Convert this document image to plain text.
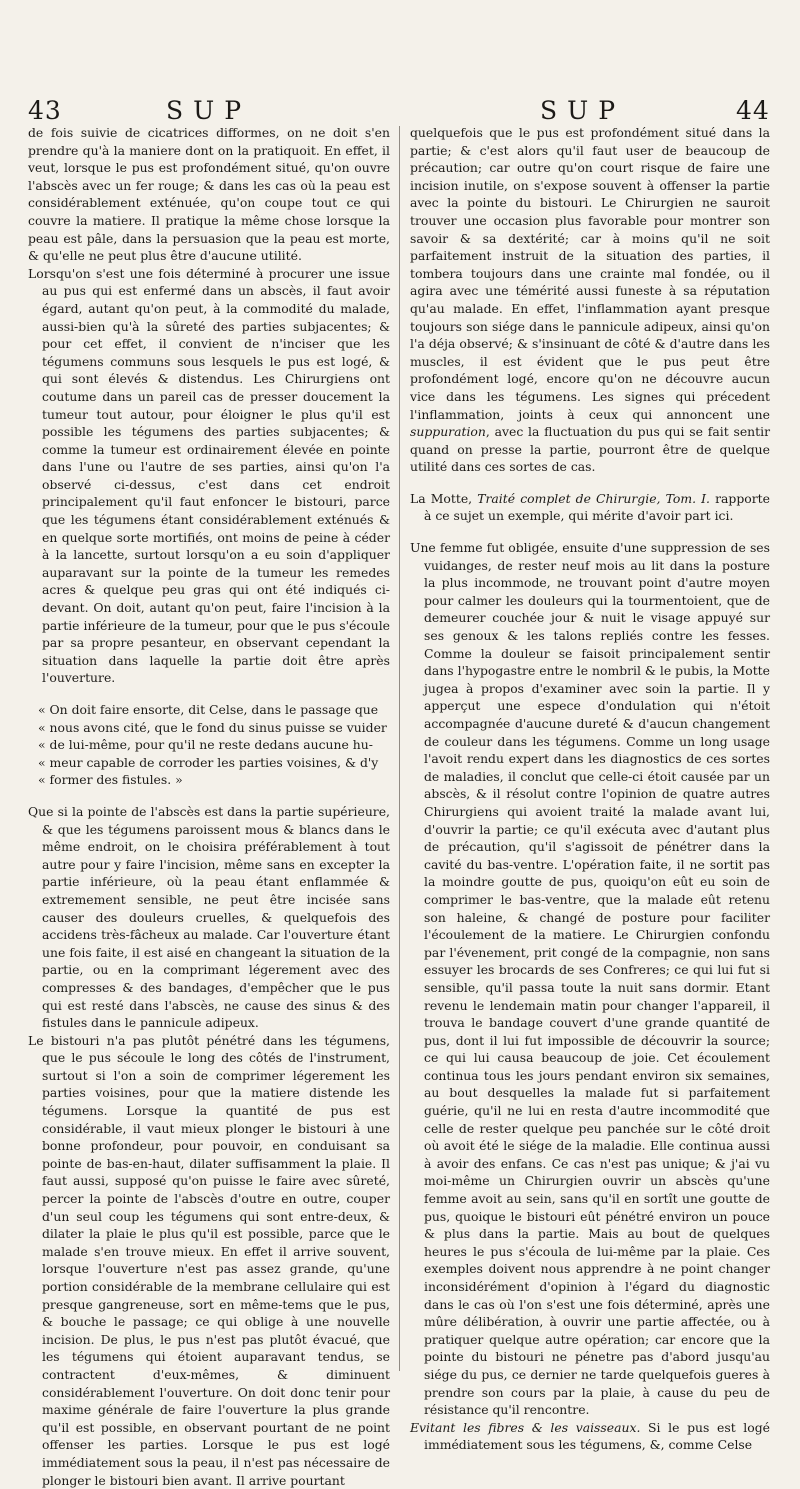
43	SUP	SUP	44

de fois suivie de cicatrices difformes, on ne doit s'en prendre qu'à la maniere dont on la pratiquoit. En effet, il veut, lorsque le pus est profondément situé, qu'on ouvre l'abscès avec un fer rouge; & dans les cas où la peau est considérablement exténuée, qu'on coupe tout ce qui couvre la matiere. Il pratique la même chose lorsque la peau est pâle, dans la persuasion que la peau est morte, & qu'elle ne peut plus être d'aucune utilité.

Lorsqu'on s'est une fois déterminé à procurer une issue au pus qui est enfermé dans un abscès, il faut avoir égard, autant qu'on peut, à la commodité du malade, aussi-bien qu'à la sûreté des parties subjacentes; & pour cet effet, il convient de n'inciser que les tégumens communs sous lesquels le pus est logé, & qui sont élevés & distendus. Les Chirurgiens ont coutume dans un pareil cas de presser doucement la tumeur tout autour, pour éloigner le plus qu'il est possible les tégumens des parties subjacentes; & comme la tumeur est ordinairement élevée en pointe dans l'une ou l'autre de ses parties, ainsi qu'on l'a observé ci-dessus, c'est dans cet endroit principalement qu'il faut enfoncer le bistouri, parce que les tégumens étant considérablement exténués & en quelque sorte mortifiés, ont moins de peine à céder à la lancette, surtout lorsqu'on a eu soin d'appliquer auparavant sur la pointe de la tumeur les remedes acres & quelque peu gras qui ont été indiqués ci-devant. On doit, autant qu'on peut, faire l'incision à la partie inférieure de la tumeur, pour que le pus s'écoule par sa propre pesanteur, en observant cependant la situation dans laquelle la partie doit être après l'ouverture.

« On doit faire ensorte, dit Celse, dans le passage que
« nous avons cité, que le fond du sinus puisse se vuider
« de lui-même, pour qu'il ne reste dedans aucune hu-
« meur capable de corroder les parties voisines, & d'y
« former des fistules. »

Que si la pointe de l'abscès est dans la partie supérieure, & que les tégumens paroissent mous & blancs dans le même endroit, on le choisira préférablement à tout autre pour y faire l'incision, même sans en excepter la partie inférieure, où la peau étant enflammée & extremement sensible, ne peut être incisée sans causer des douleurs cruelles, & quelquefois des accidens très-fâcheux au malade. Car l'ouverture étant une fois faite, il est aisé en changeant la situation de la partie, ou en la comprimant légerement avec des compresses & des bandages, d'empêcher que le pus qui est resté dans l'abscès, ne cause des sinus & des fistules dans le pannicule adipeux.

Le bistouri n'a pas plutôt pénétré dans les tégumens, que le pus sécoule le long des côtés de l'instrument, surtout si l'on a soin de comprimer légerement les parties voisines, pour que la matiere distende les tégumens. Lorsque la quantité de pus est considérable, il vaut mieux plonger le bistouri à une bonne profondeur, pour pouvoir, en conduisant sa pointe de bas-en-haut, dilater suffisamment la plaie. Il faut aussi, supposé qu'on puisse le faire avec sûreté, percer la pointe de l'abscès d'outre en outre, couper d'un seul coup les tégumens qui sont entre-deux, & dilater la plaie le plus qu'il est possible, parce que le malade s'en trouve mieux. En effet il arrive souvent, lorsque l'ouverture n'est pas assez grande, qu'une portion considérable de la membrane cellulaire qui est presque gangreneuse, sort en même-tems que le pus, & bouche le passage; ce qui oblige à une nouvelle incision. De plus, le pus n'est pas plutôt évacué, que les tégumens qui étoient auparavant tendus, se contractent d'eux-mêmes, & diminuent considérablement l'ouverture. On doit donc tenir pour maxime générale de faire l'ouverture la plus grande qu'il est possible, en observant pourtant de ne point offenser les parties. Lorsque le pus est logé immédiatement sous la peau, il n'est pas nécessaire de plonger le bistouri bien avant. Il arrive pourtant

quelquefois que le pus est profondément situé dans la partie; & c'est alors qu'il faut user de beaucoup de précaution; car outre qu'on court risque de faire une incision inutile, on s'expose souvent à offenser la partie avec la pointe du bistouri. Le Chirurgien ne sauroit trouver une occasion plus favorable pour montrer son savoir & sa dextérité; car à moins qu'il ne soit parfaitement instruit de la situation des parties, il tombera toujours dans une crainte mal fondée, ou il agira avec une témérité aussi funeste à sa réputation qu'au malade. En effet, l'inflammation ayant presque toujours son siége dans le pannicule adipeux, ainsi qu'on l'a déja observé; & s'insinuant de côté & d'autre dans les muscles, il est évident que le pus peut être profondément logé, encore qu'on ne découvre aucun vice dans les tégumens. Les signes qui précedent l'inflammation, joints à ceux qui annoncent une suppuration, avec la fluctuation du pus qui se fait sentir quand on presse la partie, pourront être de quelque utilité dans ces sortes de cas.

La Motte, Traité complet de Chirurgie, Tom. I. rapporte à ce sujet un exemple, qui mérite d'avoir part ici.

Une femme fut obligée, ensuite d'une suppression de ses vuidanges, de rester neuf mois au lit dans la posture la plus incommode, ne trouvant point d'autre moyen pour calmer les douleurs qui la tourmentoient, que de demeurer couchée jour & nuit le visage appuyé sur ses genoux & les talons repliés contre les fesses. Comme la douleur se faisoit principalement sentir dans l'hypogastre entre le nombril & le pubis, la Motte jugea à propos d'examiner avec soin la partie. Il y apperçut une espece d'ondulation qui n'étoit accompagnée d'aucune dureté & d'aucun changement de couleur dans les tégumens. Comme un long usage l'avoit rendu expert dans les diagnostics de ces sortes de maladies, il conclut que celle-ci étoit causée par un abscès, & il résolut contre l'opinion de quatre autres Chirurgiens qui avoient traité la malade avant lui, d'ouvrir la partie; ce qu'il exécuta avec d'autant plus de précaution, qu'il s'agissoit de pénétrer dans la cavité du bas-ventre. L'opération faite, il ne sortit pas la moindre goutte de pus, quoiqu'on eût eu soin de comprimer le bas-ventre, que la malade eût retenu son haleine, & changé de posture pour faciliter l'écoulement de la matiere. Le Chirurgien confondu par l'évenement, prit congé de la compagnie, non sans essuyer les brocards de ses Confreres; ce qui lui fut si sensible, qu'il passa toute la nuit sans dormir. Etant revenu le lendemain matin pour changer l'appareil, il trouva le bandage couvert d'une grande quantité de pus, dont il lui fut impossible de découvrir la source; ce qui lui causa beaucoup de joie. Cet écoulement continua tous les jours pendant environ six semaines, au bout desquelles la malade fut si parfaitement guérie, qu'il ne lui en resta d'autre incommodité que celle de rester quelque peu panchée sur le côté droit où avoit été le siége de la maladie. Elle continua aussi à avoir des enfans. Ce cas n'est pas unique; & j'ai vu moi-même un Chirurgien ouvrir un abscès qu'une femme avoit au sein, sans qu'il en sortît une goutte de pus, quoique le bistouri eût pénétré environ un pouce & plus dans la partie. Mais au bout de quelques heures le pus s'écoula de lui-même par la plaie. Ces exemples doivent nous apprendre à ne point changer inconsidérément d'opinion à l'égard du diagnostic dans le cas où l'on s'est une fois déterminé, après une mûre délibération, à ouvrir une partie affectée, ou à pratiquer quelque autre opération; car encore que la pointe du bistouri ne pénetre pas d'abord jusqu'au siége du pus, ce dernier ne tarde quelquefois gueres à prendre son cours par la plaie, à cause du peu de résistance qu'il rencontre.

Evitant les fibres & les vaisseaux. Si le pus est logé immédiatement sous les tégumens, &, comme Celse
